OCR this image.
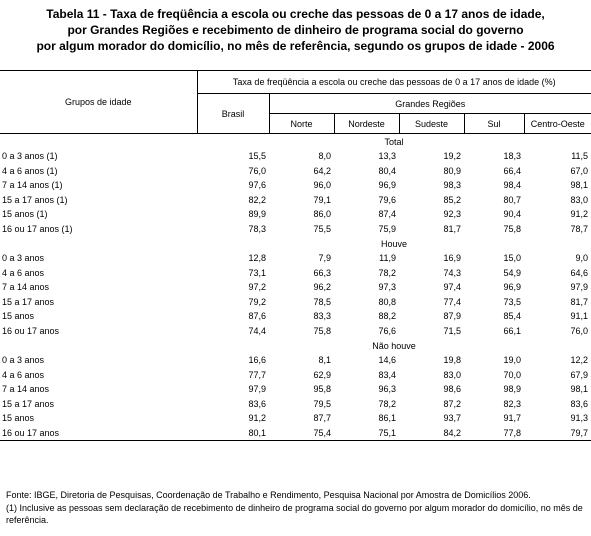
Tabela 11 - Taxa de freqüência a escola ou creche das pessoas de 0 a 17 anos de idade,
por Grandes Regiões e recebimento de dinheiro de programa social do governo
por algum morador do domicílio, no mês de referência, segundo os grupos de idade - 2006
Grupos de idade	Taxa de freqüência a escola ou creche das pessoas de 0 a 17 anos de idade (%)					
	Brasil	Grandes Regiões				
		Norte	Nordeste	Sudeste	Sul	Centro-Oeste
	Total					
0 a 3 anos (1)	15,5	8,0	13,3	19,2	18,3	11,5
4 a 6 anos (1)	76,0	64,2	80,4	80,9	66,4	67,0
7 a 14 anos (1)	97,6	96,0	96,9	98,3	98,4	98,1
15 a 17 anos (1)	82,2	79,1	79,6	85,2	80,7	83,0
15 anos (1)	89,9	86,0	87,4	92,3	90,4	91,2
16 ou 17 anos (1)	78,3	75,5	75,9	81,7	75,8	78,7
	Houve					
0 a 3 anos	12,8	7,9	11,9	16,9	15,0	9,0
4 a 6 anos	73,1	66,3	78,2	74,3	54,9	64,6
7 a 14 anos	97,2	96,2	97,3	97,4	96,9	97,9
15 a 17 anos	79,2	78,5	80,8	77,4	73,5	81,7
15 anos	87,6	83,3	88,2	87,9	85,4	91,1
16 ou 17 anos	74,4	75,8	76,6	71,5	66,1	76,0
	Não houve					
0 a 3 anos	16,6	8,1	14,6	19,8	19,0	12,2
4 a 6 anos	77,7	62,9	83,4	83,0	70,0	67,9
7 a 14 anos	97,9	95,8	96,3	98,6	98,9	98,1
15 a 17 anos	83,6	79,5	78,2	87,2	82,3	83,6
15 anos	91,2	87,7	86,1	93,7	91,7	91,3
16 ou 17 anos	80,1	75,4	75,1	84,2	77,8	79,7
Fonte: IBGE, Diretoria de Pesquisas, Coordenação de Trabalho e Rendimento, Pesquisa Nacional por Amostra de Domicílios 2006.
(1) Inclusive as pessoas sem declaração de recebimento de dinheiro de programa social do governo por algum morador do domicílio, no mês de referência.
